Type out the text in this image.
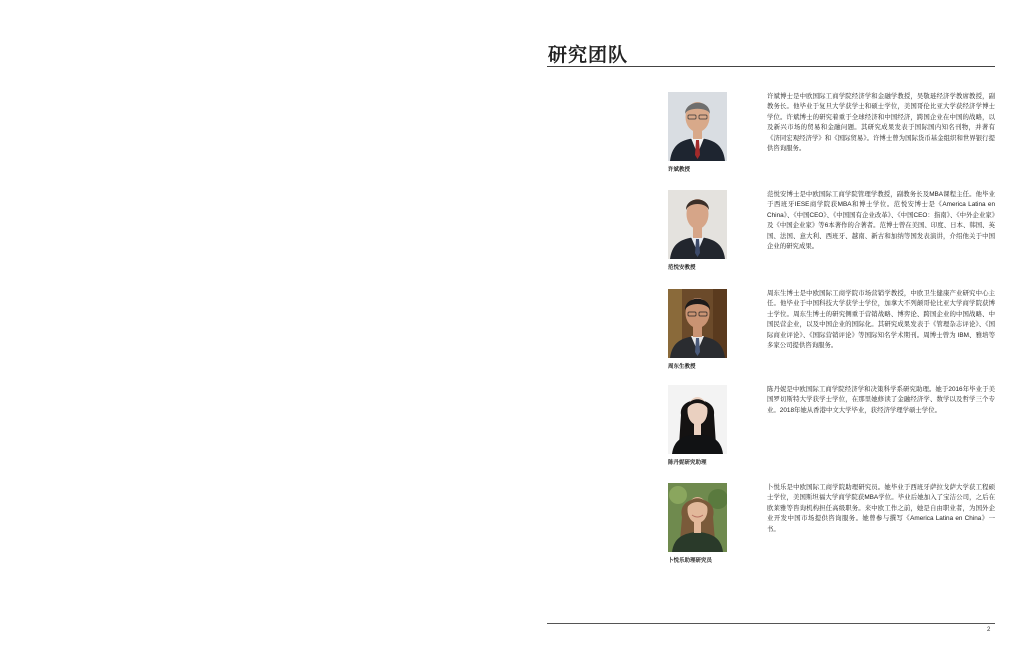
研究团队
许斌教授
许斌博士是中欧国际工商学院经济学和金融学教授，吴敬琏经济学教席教授，副教务长。他毕业于复旦大学获学士和硕士学位，美国哥伦比亚大学获经济学博士学位。许斌博士的研究着重于全球经济和中国经济，跨国企业在中国的战略，以及新兴市场的贸易和金融问题。其研究成果发表于国际国内知名刊物，并著有《济同宏观经济学》和《国际贸易》。许博士曾为国际货币基金组织和世界银行提供咨询服务。
范悦安教授
范悦安博士是中欧国际工商学院管理学教授，副教务长及MBA课程主任。他毕业于西班牙IESE商学院获MBA和博士学位。范悦安博士是《America Latina en China》、《中国CEO》、《中国国有企业改革》、《中国CEO：指南》、《中外企业家》及《中国企业家》等6本著作的合著者。范博士曾在美国、印度、日本、韩国、英国、法国、意大利、西班牙、越南、新古和加纳等国发表演讲，介绍他关于中国企业的研究成果。
周东生教授
周东生博士是中欧国际工商学院市场营销学教授，中欧卫生健康产业研究中心主任。他毕业于中国科技大学获学士学位，加拿大不列颠哥伦比亚大学商学院获博士学位。周东生博士的研究侧重于营销战略、博弈论、跨国企业的中国战略、中国民营企业，以及中国企业的国际化。其研究成果发表于《管理杂志评论》、《国际商业评论》、《国际营销评论》等国际知名学术期刊。周博士曾为 IBM、雅培等多家公司提供咨询服务。
陈丹妮研究助理
陈丹妮是中欧国际工商学院经济学和决策科学系研究助理。她于2016年毕业于美国罗切斯特大学获学士学位，在那里她修读了金融经济学、数学以及哲学三个专业。2018年她从香港中文大学毕业，获经济学理学硕士学位。
卜悦乐助理研究员
卜悦乐是中欧国际工商学院助理研究员。她毕业于西班牙萨拉戈萨大学获工程硕士学位，美国斯坦福大学商学院获MBA学位。毕业后她加入了宝洁公司，之后在欧莱雅等咨询机构担任高级职务。来中欧工作之前，她是自由职业者，为国外企业开发中国市场提供咨询服务。她曾参与撰写《America Latina en China》一书。
2
